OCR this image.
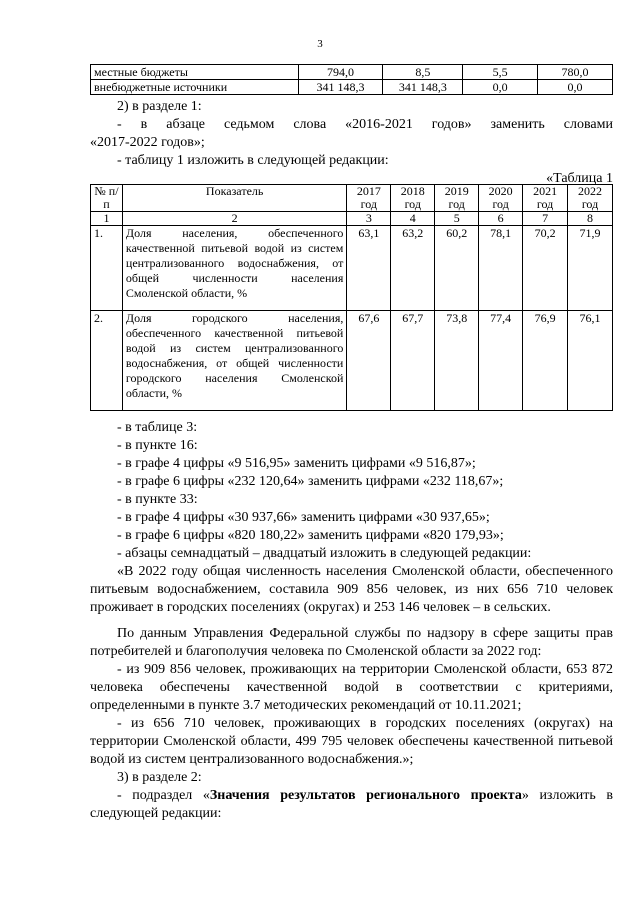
3
местные бюджеты	794,0	8,5	5,5	780,0
внебюджетные источники	341 148,3	341 148,3	0,0	0,0

2) в разделе 1:

- в абзаце седьмом слова «2016-2021 годов» заменить словами

«2017-2022 годов»;

- таблицу 1 изложить в следующей редакции:

«Таблица 1

№ п/п	Показатель	2017 год	2018 год	2019 год	2020 год	2021 год	2022 год
1	2	3	4	5	6	7	8
1.	Доля населения, обеспеченного качественной питьевой водой из систем централизованного водоснабжения, от общей численности населения Смоленской области, %	63,1	63,2	60,2	78,1	70,2	71,9
2.	Доля городского населения, обеспеченного качественной питьевой водой из систем централизованного водоснабжения, от общей численности городского населения Смоленской области, %	67,6	67,7	73,8	77,4	76,9	76,1

- в таблице 3:

- в пункте 16:

- в графе 4 цифры «9 516,95» заменить цифрами «9 516,87»;

- в графе 6 цифры «232 120,64» заменить цифрами «232 118,67»;

- в пункте 33:

- в графе 4 цифры «30 937,66» заменить цифрами «30 937,65»;

- в графе 6 цифры «820 180,22» заменить цифрами «820 179,93»;

- абзацы семнадцатый – двадцатый изложить в следующей редакции:

«В 2022 году общая численность населения Смоленской области, обеспеченного питьевым водоснабжением, составила 909 856 человек, из них 656 710 человек проживает в городских поселениях (округах) и 253 146 человек – в сельских.

По данным Управления Федеральной службы по надзору в сфере защиты прав потребителей и благополучия человека по Смоленской области за 2022 год:

- из 909 856 человек, проживающих на территории Смоленской области, 653 872 человека обеспечены качественной водой в соответствии с критериями, определенными в пункте 3.7 методических рекомендаций от 10.11.2021;

- из 656 710 человек, проживающих в городских поселениях (округах) на территории Смоленской области, 499 795 человек обеспечены качественной питьевой водой из систем централизованного водоснабжения.»;

3) в разделе 2:

- подраздел «Значения результатов регионального проекта» изложить в следующей редакции:
